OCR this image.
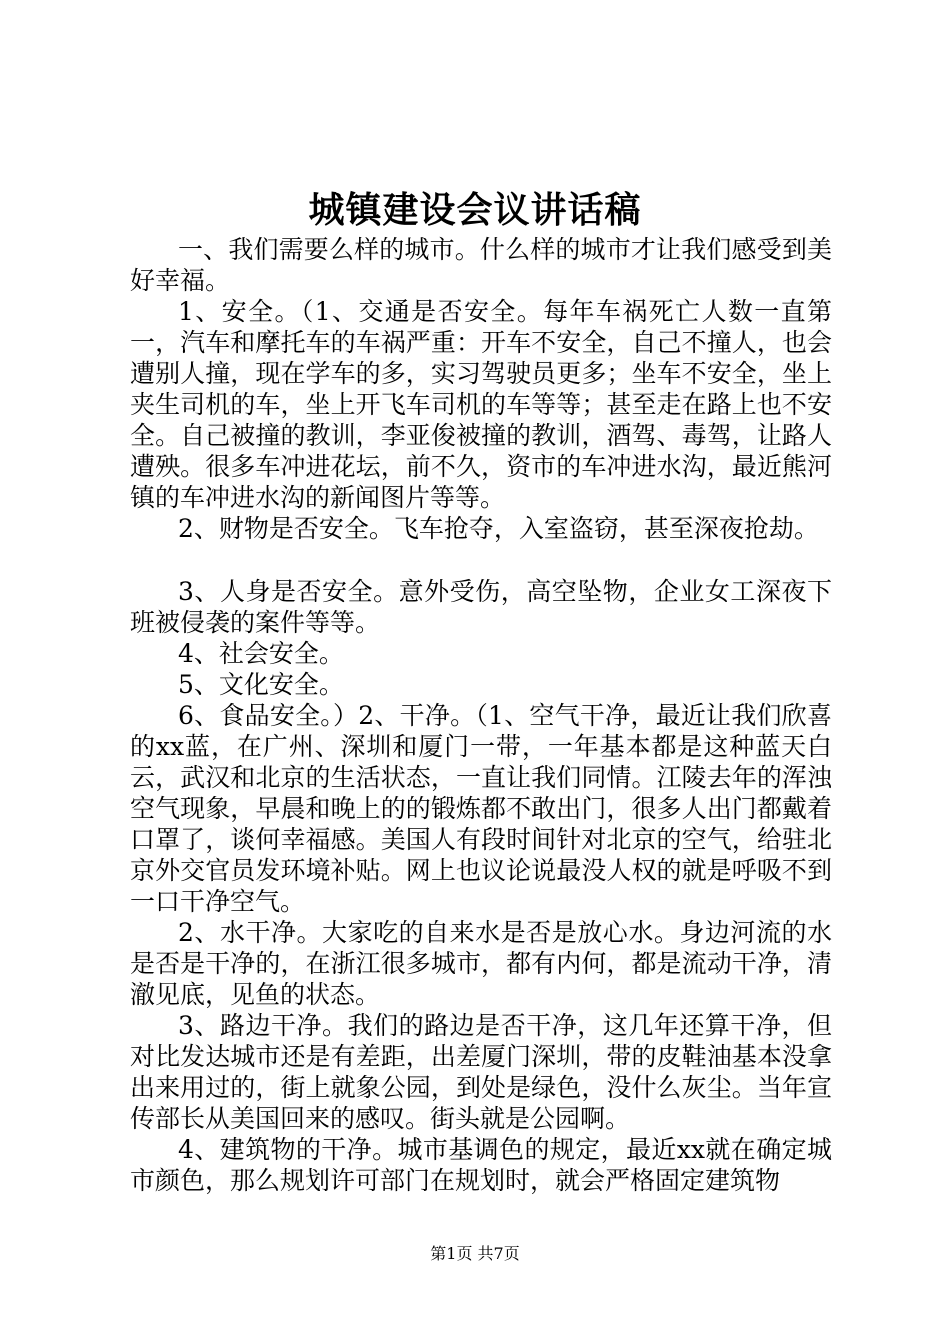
城镇建设会议讲话稿

一、我们需要么样的城市。什么样的城市才让我们感受到美好幸福。

1、安全。（1、交通是否安全。每年车祸死亡人数一直第一，汽车和摩托车的车祸严重：开车不安全，自己不撞人，也会遭别人撞，现在学车的多，实习驾驶员更多；坐车不安全，坐上夹生司机的车，坐上开飞车司机的车等等；甚至走在路上也不安全。自己被撞的教训，李亚俊被撞的教训，酒驾、毒驾，让路人遭殃。很多车冲进花坛，前不久，资市的车冲进水沟，最近熊河镇的车冲进水沟的新闻图片等等。

2、财物是否安全。飞车抢夺，入室盗窃，甚至深夜抢劫。

3、人身是否安全。意外受伤，高空坠物，企业女工深夜下班被侵袭的案件等等。

4、社会安全。

5、文化安全。

6、食品安全。）2、干净。（1、空气干净，最近让我们欣喜的xx蓝，在广州、深圳和厦门一带，一年基本都是这种蓝天白云，武汉和北京的生活状态，一直让我们同情。江陵去年的浑浊空气现象，早晨和晚上的的锻炼都不敢出门，很多人出门都戴着口罩了，谈何幸福感。美国人有段时间针对北京的空气，给驻北京外交官员发环境补贴。网上也议论说最没人权的就是呼吸不到一口干净空气。

2、水干净。大家吃的自来水是否是放心水。身边河流的水是否是干净的，在浙江很多城市，都有内何，都是流动干净，清澈见底，见鱼的状态。

3、路边干净。我们的路边是否干净，这几年还算干净，但对比发达城市还是有差距，出差厦门深圳，带的皮鞋油基本没拿出来用过的，街上就象公园，到处是绿色，没什么灰尘。当年宣传部长从美国回来的感叹。街头就是公园啊。

4、建筑物的干净。城市基调色的规定，最近xx就在确定城市颜色，那么规划许可部门在规划时，就会严格固定建筑物

第1页 共7页
